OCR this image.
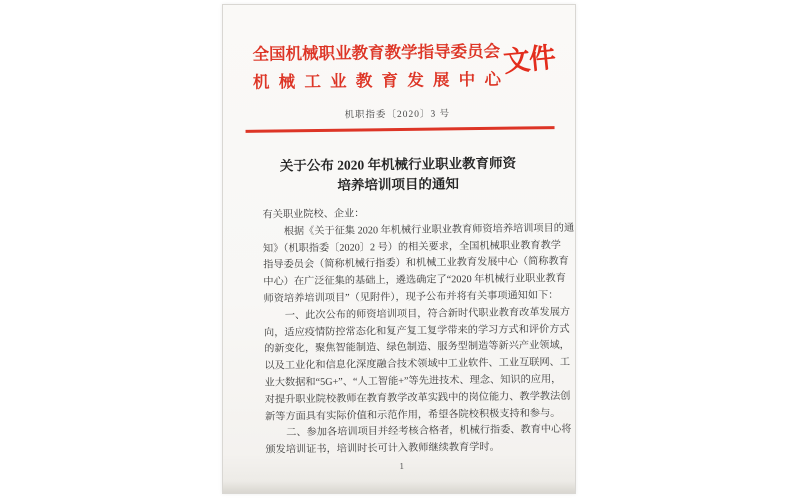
全国机械职业教育教学指导委员会
机械工业教育发展中心
文件
机职指委〔2020〕3 号
关于公布 2020 年机械行业职业教育师资
培养培训项目的通知
有关职业院校、企业：
根据《关于征集 2020 年机械行业职业教育师资培养培训项目的通
知》（机职指委〔2020〕2 号）的相关要求，全国机械职业教育教学
指导委员会（简称机械行指委）和机械工业教育发展中心（简称教育
中心）在广泛征集的基础上，遴选确定了“2020 年机械行业职业教育
师资培养培训项目”（见附件），现予公布并将有关事项通知如下：
一、此次公布的师资培训项目，符合新时代职业教育改革发展方
向，适应疫情防控常态化和复产复工复学带来的学习方式和评价方式
的新变化，聚焦智能制造、绿色制造、服务型制造等新兴产业领域，
以及工业化和信息化深度融合技术领域中工业软件、工业互联网、工
业大数据和“5G+”、“人工智能+”等先进技术、理念、知识的应用，
对提升职业院校教师在教育教学改革实践中的岗位能力、教学教法创
新等方面具有实际价值和示范作用，希望各院校积极支持和参与。
二、参加各培训项目并经考核合格者，机械行指委、教育中心将
颁发培训证书，培训时长可计入教师继续教育学时。
1
